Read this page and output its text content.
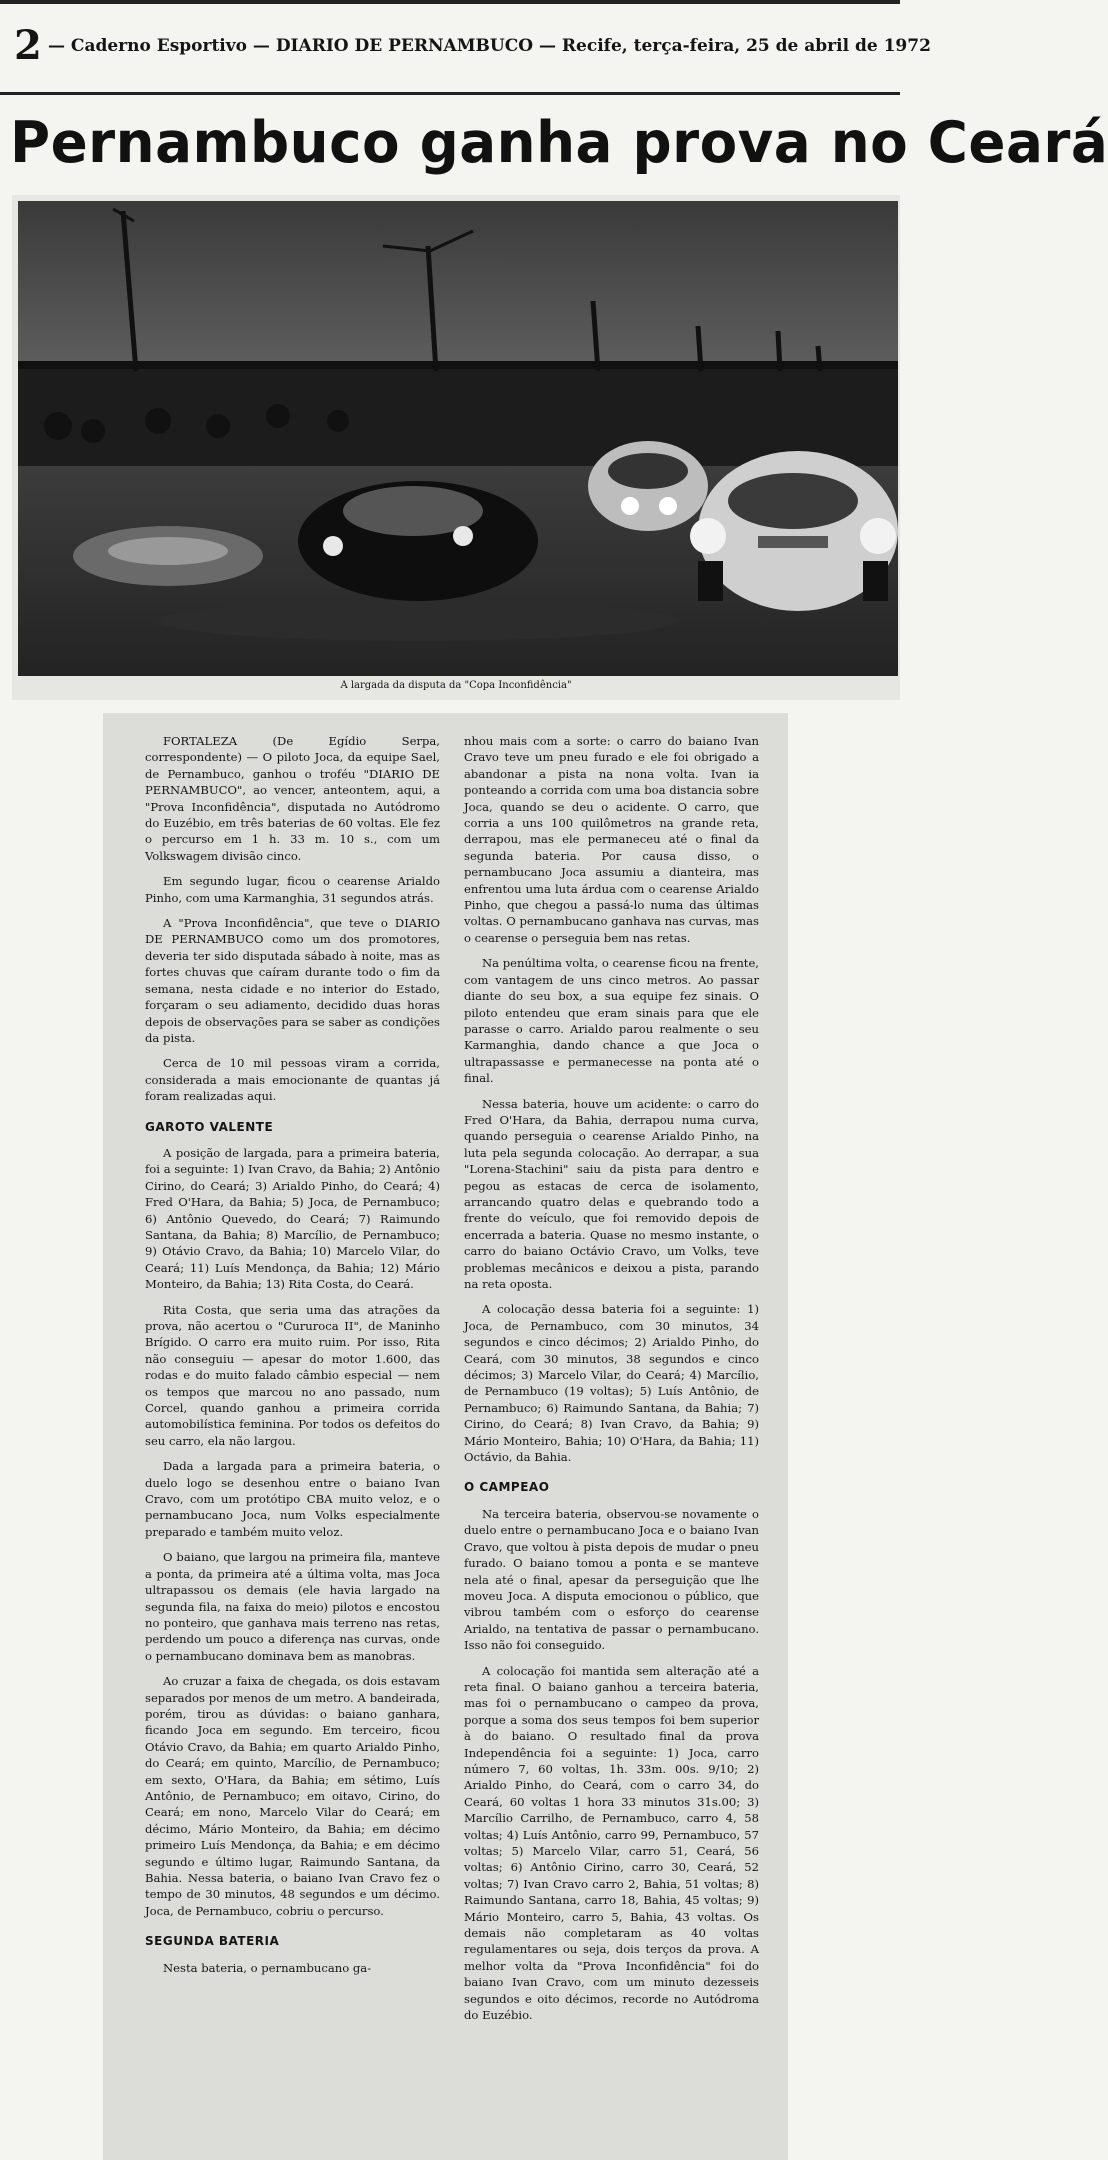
2 — Caderno Esportivo — DIARIO DE PERNAMBUCO — Recife, terça-feira, 25 de abril de 1972
Pernambuco ganha prova no Ceará
A largada da disputa da "Copa Inconfidência"

FORTALEZA (De Egídio Serpa, correspondente) — O piloto Joca, da equipe Sael, de Pernambuco, ganhou o troféu "DIARIO DE PERNAMBUCO", ao vencer, anteontem, aqui, a "Prova Inconfidência", disputada no Autódromo do Euzébio, em três baterias de 60 voltas. Ele fez o percurso em 1 h. 33 m. 10 s., com um Volkswagem divisão cinco.

Em segundo lugar, ficou o cearense Arialdo Pinho, com uma Karmanghia, 31 segundos atrás.

A "Prova Inconfidência", que teve o DIARIO DE PERNAMBUCO como um dos promotores, deveria ter sido disputada sábado à noite, mas as fortes chuvas que caíram durante todo o fim da semana, nesta cidade e no interior do Estado, forçaram o seu adiamento, decidido duas horas depois de observações para se saber as condições da pista.

Cerca de 10 mil pessoas viram a corrida, considerada a mais emocionante de quantas já foram realizadas aqui.

GAROTO VALENTE

A posição de largada, para a primeira bateria, foi a seguinte: 1) Ivan Cravo, da Bahia; 2) Antônio Cirino, do Ceará; 3) Arialdo Pinho, do Ceará; 4) Fred O'Hara, da Bahia; 5) Joca, de Pernambuco; 6) Antônio Quevedo, do Ceará; 7) Raimundo Santana, da Bahia; 8) Marcílio, de Pernambuco; 9) Otávio Cravo, da Bahia; 10) Marcelo Vilar, do Ceará; 11) Luís Mendonça, da Bahia; 12) Mário Monteiro, da Bahia; 13) Rita Costa, do Ceará.

Rita Costa, que seria uma das atrações da prova, não acertou o "Cururoca II", de Maninho Brígido. O carro era muito ruim. Por isso, Rita não conseguiu — apesar do motor 1.600, das rodas e do muito falado câmbio especial — nem os tempos que marcou no ano passado, num Corcel, quando ganhou a primeira corrida automobilística feminina. Por todos os defeitos do seu carro, ela não largou.

Dada a largada para a primeira bateria, o duelo logo se desenhou entre o baiano Ivan Cravo, com um protótipo CBA muito veloz, e o pernambucano Joca, num Volks especialmente preparado e também muito veloz.

O baiano, que largou na primeira fila, manteve a ponta, da primeira até a última volta, mas Joca ultrapassou os demais (ele havia largado na segunda fila, na faixa do meio) pilotos e encostou no ponteiro, que ganhava mais terreno nas retas, perdendo um pouco a diferença nas curvas, onde o pernambucano dominava bem as manobras.

Ao cruzar a faixa de chegada, os dois estavam separados por menos de um metro. A bandeirada, porém, tirou as dúvidas: o baiano ganhara, ficando Joca em segundo. Em terceiro, ficou Otávio Cravo, da Bahia; em quarto Arialdo Pinho, do Ceará; em quinto, Marcílio, de Pernambuco; em sexto, O'Hara, da Bahia; em sétimo, Luís Antônio, de Pernambuco; em oitavo, Cirino, do Ceará; em nono, Marcelo Vilar do Ceará; em décimo, Mário Monteiro, da Bahia; em décimo primeiro Luís Mendonça, da Bahia; e em décimo segundo e último lugar, Raimundo Santana, da Bahia. Nessa bateria, o baiano Ivan Cravo fez o tempo de 30 minutos, 48 segundos e um décimo. Joca, de Pernambuco, cobriu o percurso.

SEGUNDA BATERIA

Nesta bateria, o pernambucano ga-

nhou mais com a sorte: o carro do baiano Ivan Cravo teve um pneu furado e ele foi obrigado a abandonar a pista na nona volta. Ivan ia ponteando a corrida com uma boa distancia sobre Joca, quando se deu o acidente. O carro, que corria a uns 100 quilômetros na grande reta, derrapou, mas ele permaneceu até o final da segunda bateria. Por causa disso, o pernambucano Joca assumiu a dianteira, mas enfrentou uma luta árdua com o cearense Arialdo Pinho, que chegou a passá-lo numa das últimas voltas. O pernambucano ganhava nas curvas, mas o cearense o perseguia bem nas retas.

Na penúltima volta, o cearense ficou na frente, com vantagem de uns cinco metros. Ao passar diante do seu box, a sua equipe fez sinais. O piloto entendeu que eram sinais para que ele parasse o carro. Arialdo parou realmente o seu Karmanghia, dando chance a que Joca o ultrapassasse e permanecesse na ponta até o final.

Nessa bateria, houve um acidente: o carro do Fred O'Hara, da Bahia, derrapou numa curva, quando perseguia o cearense Arialdo Pinho, na luta pela segunda colocação. Ao derrapar, a sua "Lorena-Stachini" saiu da pista para dentro e pegou as estacas de cerca de isolamento, arrancando quatro delas e quebrando todo a frente do veículo, que foi removido depois de encerrada a bateria. Quase no mesmo instante, o carro do baiano Octávio Cravo, um Volks, teve problemas mecânicos e deixou a pista, parando na reta oposta.

A colocação dessa bateria foi a seguinte: 1) Joca, de Pernambuco, com 30 minutos, 34 segundos e cinco décimos; 2) Arialdo Pinho, do Ceará, com 30 minutos, 38 segundos e cinco décimos; 3) Marcelo Vilar, do Ceará; 4) Marcílio, de Pernambuco (19 voltas); 5) Luís Antônio, de Pernambuco; 6) Raimundo Santana, da Bahia; 7) Cirino, do Ceará; 8) Ivan Cravo, da Bahia; 9) Mário Monteiro, Bahia; 10) O'Hara, da Bahia; 11) Octávio, da Bahia.

O CAMPEAO

Na terceira bateria, observou-se novamente o duelo entre o pernambucano Joca e o baiano Ivan Cravo, que voltou à pista depois de mudar o pneu furado. O baiano tomou a ponta e se manteve nela até o final, apesar da perseguição que lhe moveu Joca. A disputa emocionou o público, que vibrou também com o esforço do cearense Arialdo, na tentativa de passar o pernambucano. Isso não foi conseguido.

A colocação foi mantida sem alteração até a reta final. O baiano ganhou a terceira bateria, mas foi o pernambucano o campeo da prova, porque a soma dos seus tempos foi bem superior à do baiano. O resultado final da prova Independência foi a seguinte: 1) Joca, carro número 7, 60 voltas, 1h. 33m. 00s. 9/10; 2) Arialdo Pinho, do Ceará, com o carro 34, do Ceará, 60 voltas 1 hora 33 minutos 31s.00; 3) Marcílio Carrilho, de Pernambuco, carro 4, 58 voltas; 4) Luís Antônio, carro 99, Pernambuco, 57 voltas; 5) Marcelo Vilar, carro 51, Ceará, 56 voltas; 6) Antônio Cirino, carro 30, Ceará, 52 voltas; 7) Ivan Cravo carro 2, Bahia, 51 voltas; 8) Raimundo Santana, carro 18, Bahia, 45 voltas; 9) Mário Monteiro, carro 5, Bahia, 43 voltas. Os demais não completaram as 40 voltas regulamentares ou seja, dois terços da prova. A melhor volta da "Prova Inconfidência" foi do baiano Ivan Cravo, com um minuto dezesseis segundos e oito décimos, recorde no Autódroma do Euzébio.
